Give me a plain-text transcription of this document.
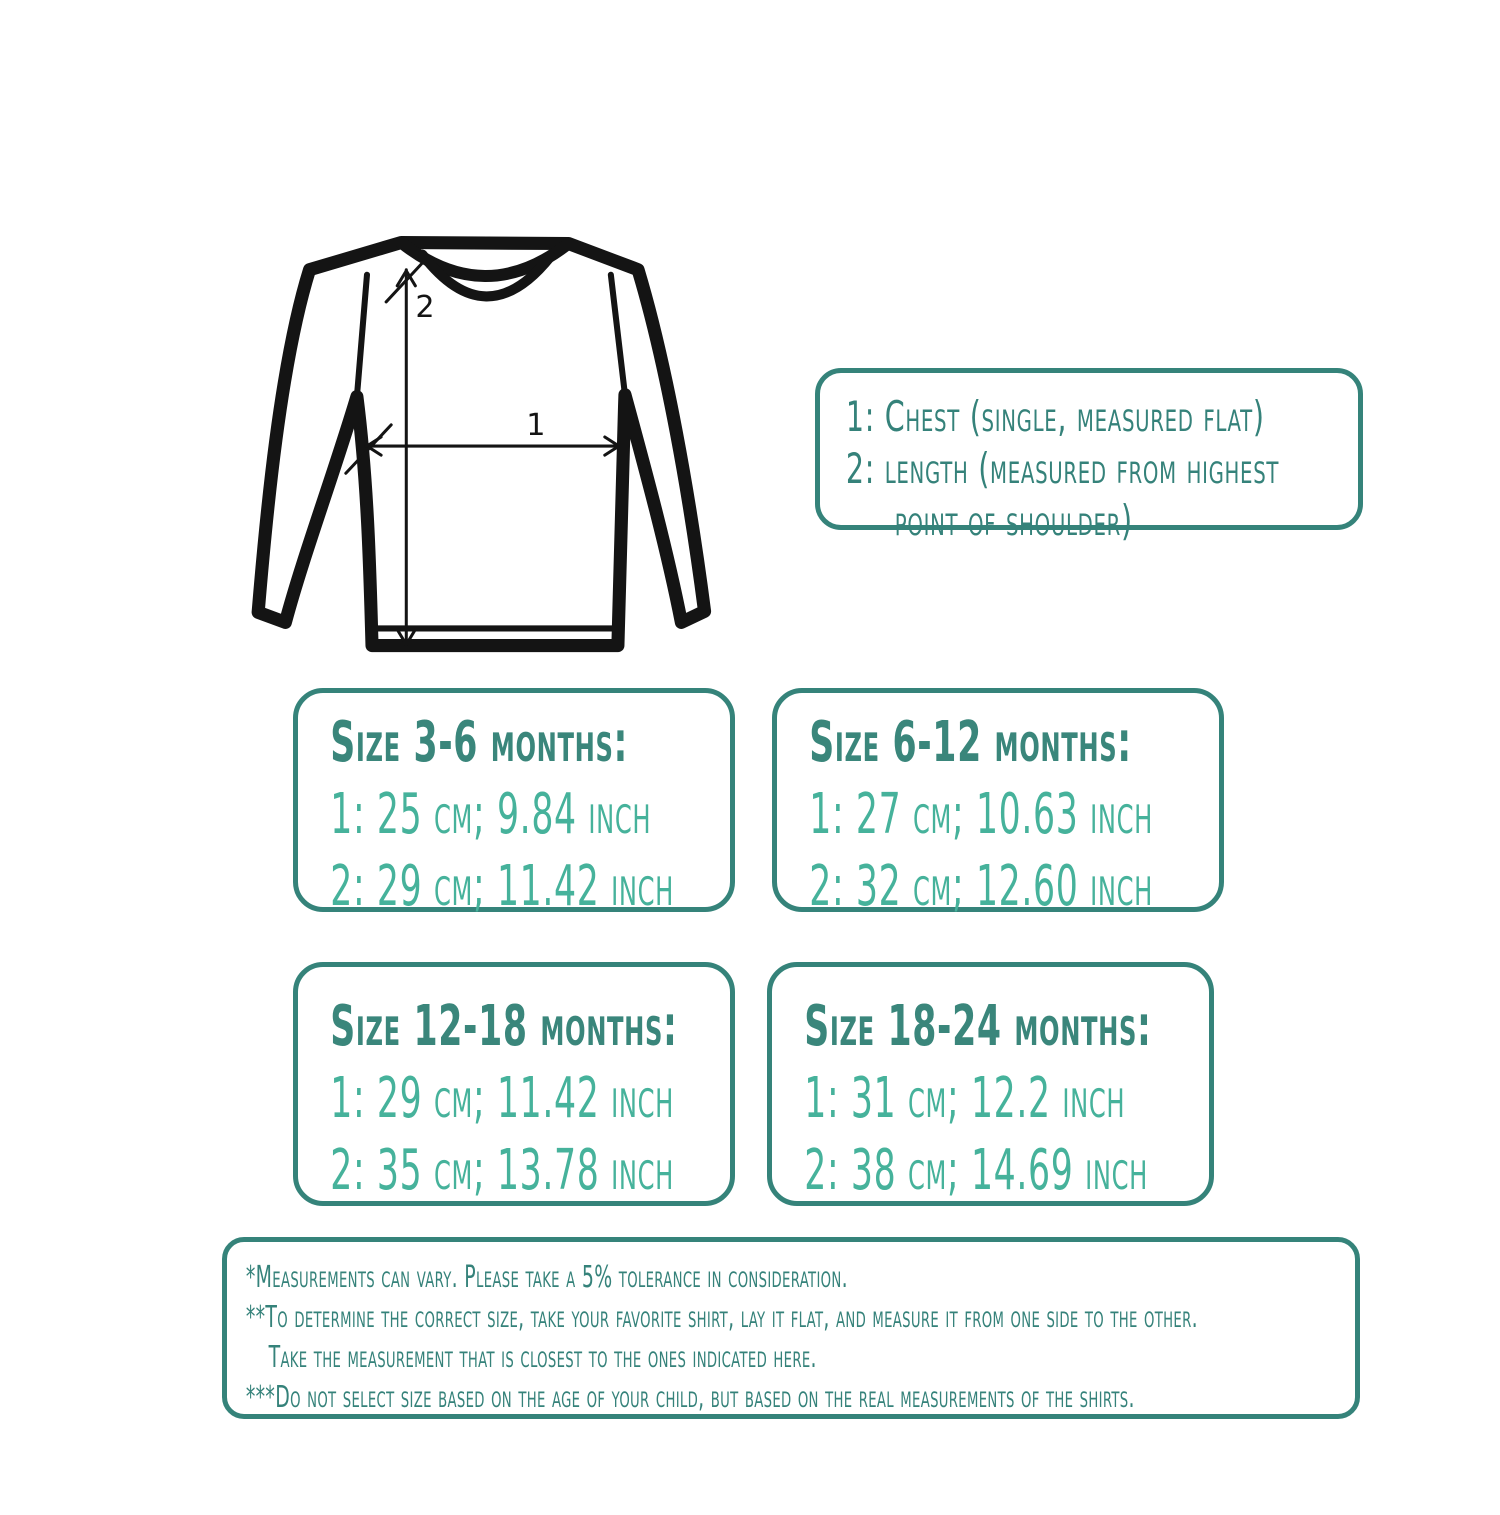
2
1	1: Chest (single, measured flat)
2: length (measured from highest
point of shoulder)
Size 3-6 months:
1: 25 cm; 9.84 inch
2: 29 cm; 11.42 inch
Size 6-12 months:
1: 27 cm; 10.63 inch
2: 32 cm; 12.60 inch
Size 12-18 months:
1: 29 cm; 11.42 inch
2: 35 cm; 13.78 inch
Size 18-24 months:
1: 31 cm; 12.2 inch
2: 38 cm; 14.69 inch
*Measurements can vary. Please take a 5% tolerance in consideration.
**To determine the correct size, take your favorite shirt, lay it flat, and measure it from one side to the other.
Take the measurement that is closest to the ones indicated here.
***Do not select size based on the age of your child, but based on the real measurements of the shirts.
